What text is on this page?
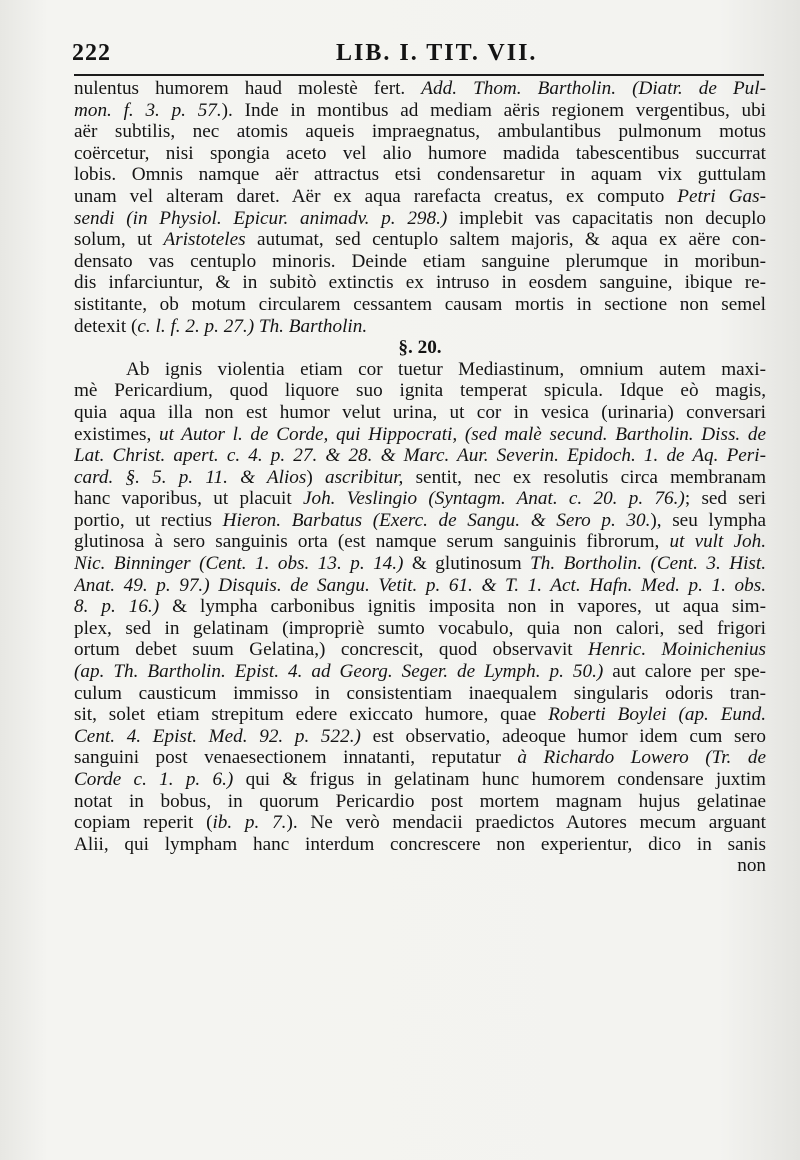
222	LIB. I. TIT. VII.
nulentus humorem haud molestè fert. Add. Thom. Bartholin. (Diatr. de Pul-
mon. f. 3. p. 57.). Inde in montibus ad mediam aëris regionem vergentibus, ubi
aër subtilis, nec atomis aqueis impraegnatus, ambulantibus pulmonum motus
coërcetur, nisi spongia aceto vel alio humore madida tabescentibus succurrat
lobis. Omnis namque aër attractus etsi condensaretur in aquam vix guttulam
unam vel alteram daret. Aër ex aqua rarefacta creatus, ex computo Petri Gas-
sendi (in Physiol. Epicur. animadv. p. 298.) implebit vas capacitatis non decuplo
solum, ut Aristoteles autumat, sed centuplo saltem majoris, & aqua ex aëre con-
densato vas centuplo minoris. Deinde etiam sanguine plerumque in moribun-
dis infarciuntur, & in subitò extinctis ex intruso in eosdem sanguine, ibique re-
sistitante, ob motum circularem cessantem causam mortis in sectione non semel
detexit (c. l. f. 2. p. 27.) Th. Bartholin.
§. 20.
Ab ignis violentia etiam cor tuetur Mediastinum, omnium autem maxi-
mè Pericardium, quod liquore suo ignita temperat spicula. Idque eò magis,
quia aqua illa non est humor velut urina, ut cor in vesica (urinaria) conversari
existimes, ut Autor l. de Corde, qui Hippocrati, (sed malè secund. Bartholin. Diss. de
Lat. Christ. apert. c. 4. p. 27. & 28. & Marc. Aur. Severin. Epidoch. 1. de Aq. Peri-
card. §. 5. p. 11. & Alios) ascribitur, sentit, nec ex resolutis circa membranam
hanc vaporibus, ut placuit Joh. Veslingio (Syntagm. Anat. c. 20. p. 76.); sed seri
portio, ut rectius Hieron. Barbatus (Exerc. de Sangu. & Sero p. 30.), seu lympha
glutinosa à sero sanguinis orta (est namque serum sanguinis fibrorum, ut vult Joh.
Nic. Binninger (Cent. 1. obs. 13. p. 14.) & glutinosum Th. Bortholin. (Cent. 3. Hist.
Anat. 49. p. 97.) Disquis. de Sangu. Vetit. p. 61. & T. 1. Act. Hafn. Med. p. 1. obs.
8. p. 16.) & lympha carbonibus ignitis imposita non in vapores, ut aqua sim-
plex, sed in gelatinam (impropriè sumto vocabulo, quia non calori, sed frigori
ortum debet suum Gelatina,) concrescit, quod observavit Henric. Moinichenius
(ap. Th. Bartholin. Epist. 4. ad Georg. Seger. de Lymph. p. 50.) aut calore per spe-
culum causticum immisso in consistentiam inaequalem singularis odoris tran-
sit, solet etiam strepitum edere exiccato humore, quae Roberti Boylei (ap. Eund.
Cent. 4. Epist. Med. 92. p. 522.) est observatio, adeoque humor idem cum sero
sanguini post venaesectionem innatanti, reputatur à Richardo Lowero (Tr. de
Corde c. 1. p. 6.) qui & frigus in gelatinam hunc humorem condensare juxtim
notat in bobus, in quorum Pericardio post mortem magnam hujus gelatinae
copiam reperit (ib. p. 7.). Ne verò mendacii praedictos Autores mecum arguant
Alii, qui lympham hanc interdum concrescere non experientur, dico in sanis
non
